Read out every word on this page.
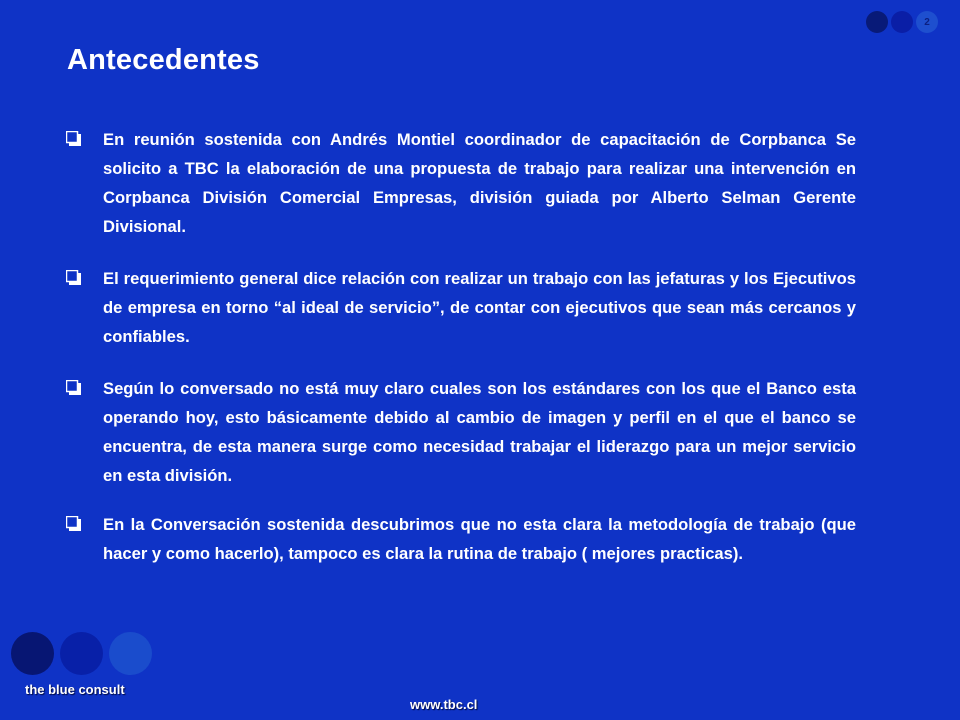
2
Antecedentes
En reunión sostenida con Andrés Montiel coordinador de capacitación de Corpbanca Se solicito a TBC la elaboración de una propuesta de trabajo para realizar una intervención en Corpbanca División Comercial Empresas, división guiada por Alberto Selman Gerente Divisional.
El requerimiento general dice relación con realizar un trabajo con las jefaturas y los Ejecutivos de empresa en torno “al ideal de servicio”, de contar con ejecutivos que sean más cercanos y confiables.
Según lo conversado no está muy claro cuales son los estándares con los que el Banco esta operando hoy, esto básicamente debido al cambio de imagen y perfil en el que el banco se encuentra, de esta manera surge como necesidad trabajar el liderazgo para un mejor servicio en esta división.
En la Conversación sostenida descubrimos que no esta clara la metodología de trabajo (que hacer y como hacerlo), tampoco es clara la rutina de trabajo ( mejores practicas).
the blue consult
www.tbc.cl
